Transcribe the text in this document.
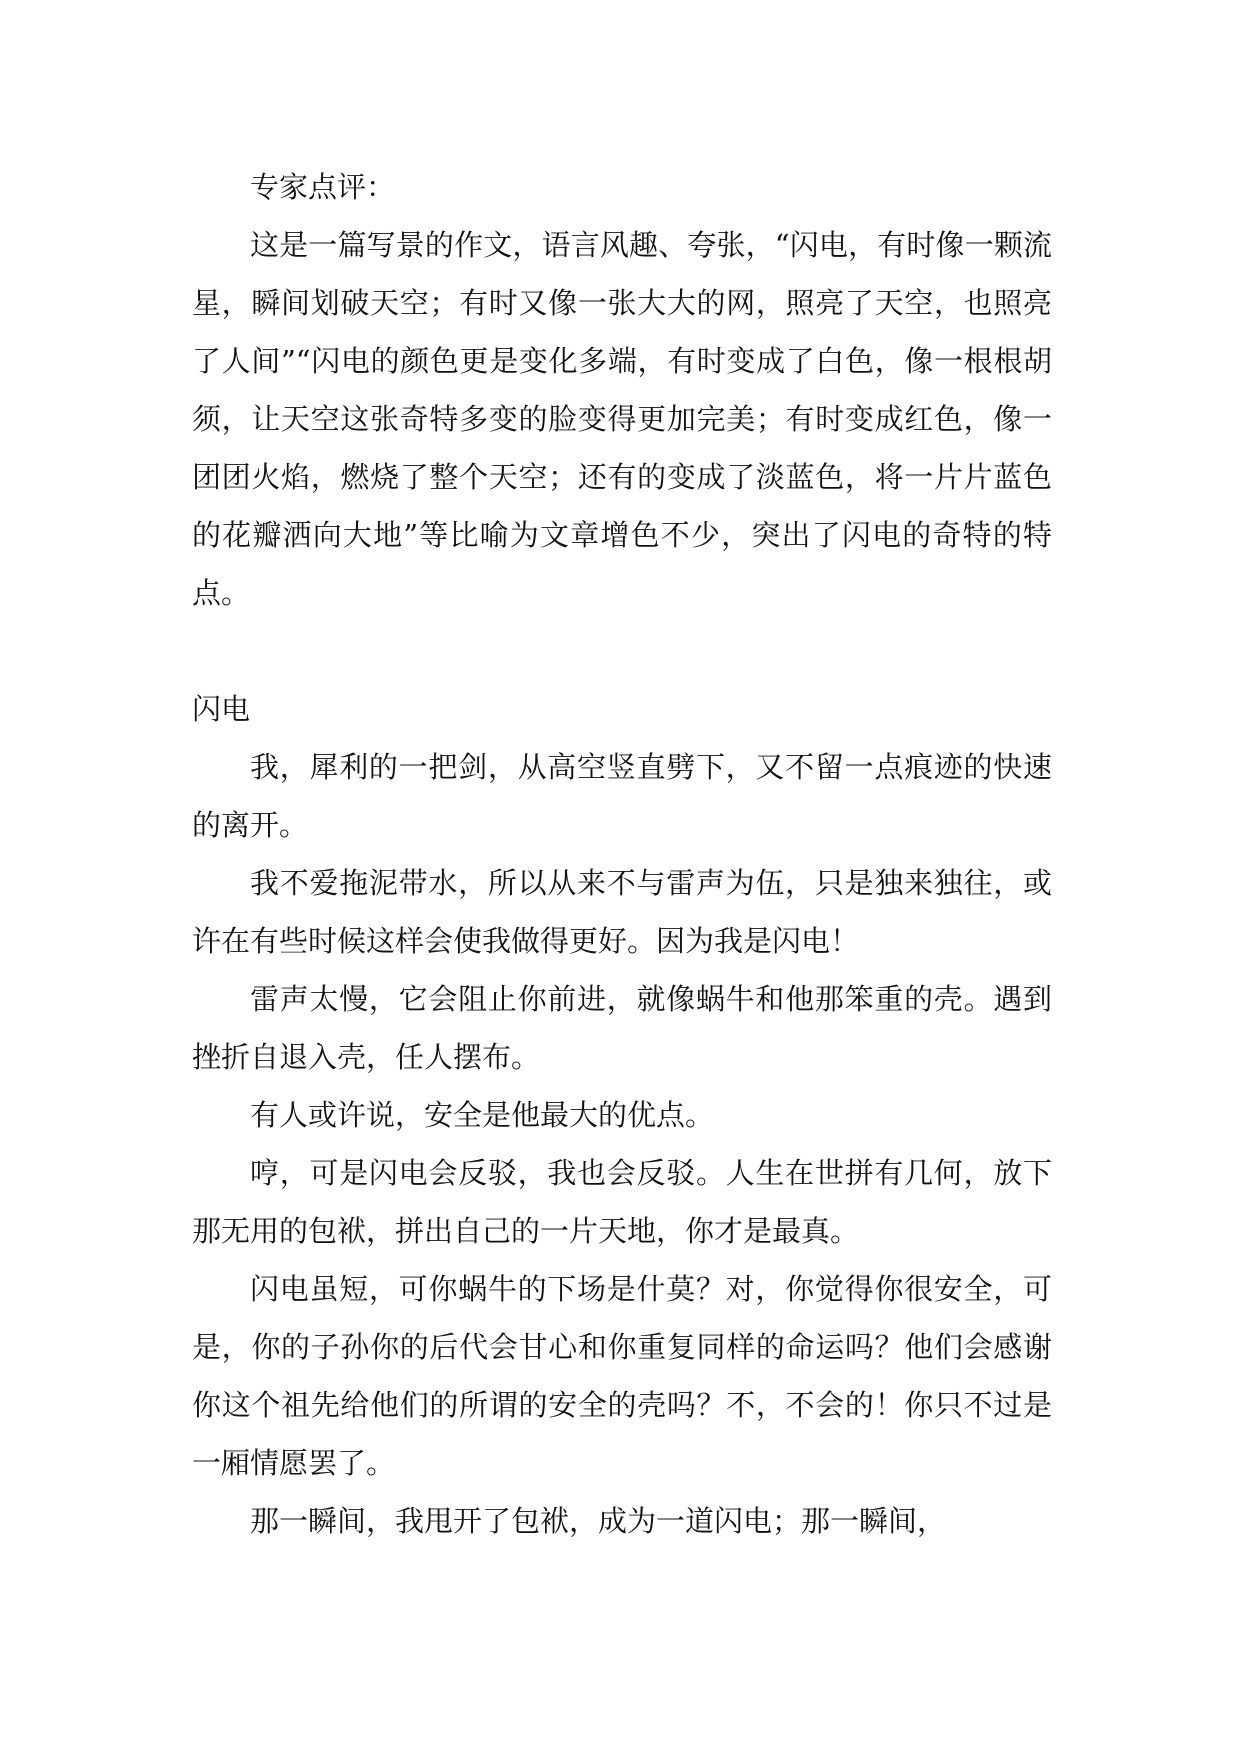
专家点评：

这是一篇写景的作文，语言风趣、夸张，“闪电，有时像一颗流星，瞬间划破天空；有时又像一张大大的网，照亮了天空，也照亮了人间”“闪电的颜色更是变化多端，有时变成了白色，像一根根胡须，让天空这张奇特多变的脸变得更加完美；有时变成红色，像一团团火焰，燃烧了整个天空；还有的变成了淡蓝色，将一片片蓝色的花瓣洒向大地”等比喻为文章增色不少，突出了闪电的奇特的特点。

闪电

我，犀利的一把剑，从高空竖直劈下，又不留一点痕迹的快速的离开。

我不爱拖泥带水，所以从来不与雷声为伍，只是独来独往，或许在有些时候这样会使我做得更好。因为我是闪电！

雷声太慢，它会阻止你前进，就像蜗牛和他那笨重的壳。遇到挫折自退入壳，任人摆布。

有人或许说，安全是他最大的优点。

哼，可是闪电会反驳，我也会反驳。人生在世拼有几何，放下那无用的包袱，拼出自己的一片天地，你才是最真。

闪电虽短，可你蜗牛的下场是什莫？对，你觉得你很安全，可是，你的子孙你的后代会甘心和你重复同样的命运吗？他们会感谢你这个祖先给他们的所谓的安全的壳吗？不，不会的！你只不过是一厢情愿罢了。

那一瞬间，我甩开了包袱，成为一道闪电；那一瞬间，
